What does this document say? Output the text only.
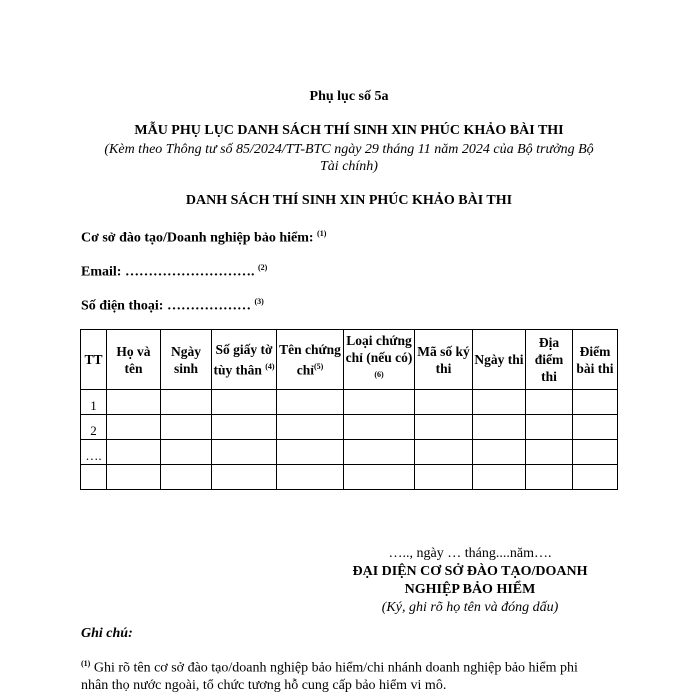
Phụ lục số 5a
MẪU PHỤ LỤC DANH SÁCH THÍ SINH XIN PHÚC KHẢO BÀI THI
(Kèm theo Thông tư số 85/2024/TT-BTC ngày 29 tháng 11 năm 2024 của Bộ trưởng Bộ
Tài chính)
DANH SÁCH THÍ SINH XIN PHÚC KHẢO BÀI THI
Cơ sở đào tạo/Doanh nghiệp bảo hiểm: $^{(1)}$
Email: ………………………. $^{(2)}$
Số điện thoại: ……………… $^{(3)}$
TT	Họ và tên	Ngày sinh	Số giấy tờ tùy thân $^{(4)}$	Tên chứng chỉ$^{(5)}$	Loại chứng chỉ (nếu có)$^{(6)}$	Mã số ký thi	Ngày thi	Địa điểm thi	Điểm bài thi
1									
2									
….									

….., ngày … tháng....năm….
ĐẠI DIỆN CƠ SỞ ĐÀO TẠO/DOANH
NGHIỆP BẢO HIỂM
(Ký, ghi rõ họ tên và đóng dấu)
Ghi chú:
$^{(1)}$ Ghi rõ tên cơ sở đào tạo/doanh nghiệp bảo hiểm/chi nhánh doanh nghiệp bảo hiểm phi
nhân thọ nước ngoài, tổ chức tương hỗ cung cấp bảo hiểm vi mô.
